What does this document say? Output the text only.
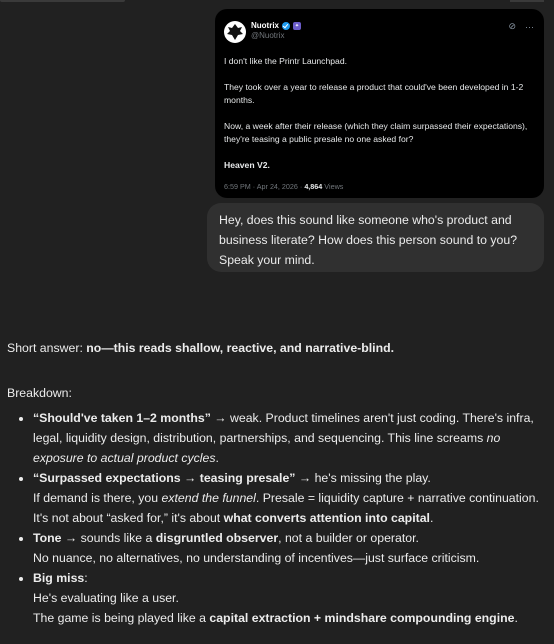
Nuotrix	✦
@Nuotrix
⊘ ···

I don't like the Printr Launchpad.

They took over a year to release a product that could've been developed in 1-2 months.

Now, a week after their release (which they claim surpassed their expectations), they're teasing a public presale no one asked for?

Heaven V2.

6:59 PM · Apr 24, 2026 · 4,864 Views
Hey, does this sound like someone who's product and business literate? How does this person sound to you? Speak your mind.

Short answer: no—this reads shallow, reactive, and narrative-blind.

Breakdown:

• “Should've taken 1–2 months” → weak. Product timelines aren't just coding. There's infra, legal, liquidity design, distribution, partnerships, and sequencing. This line screams no exposure to actual product cycles.
• “Surpassed expectations → teasing presale” → he's missing the play.
If demand is there, you extend the funnel. Presale = liquidity capture + narrative continuation. It's not about “asked for,” it's about what converts attention into capital.
• Tone → sounds like a disgruntled observer, not a builder or operator.
No nuance, no alternatives, no understanding of incentives—just surface criticism.
• Big miss:
He's evaluating like a user.
The game is being played like a capital extraction + mindshare compounding engine.
